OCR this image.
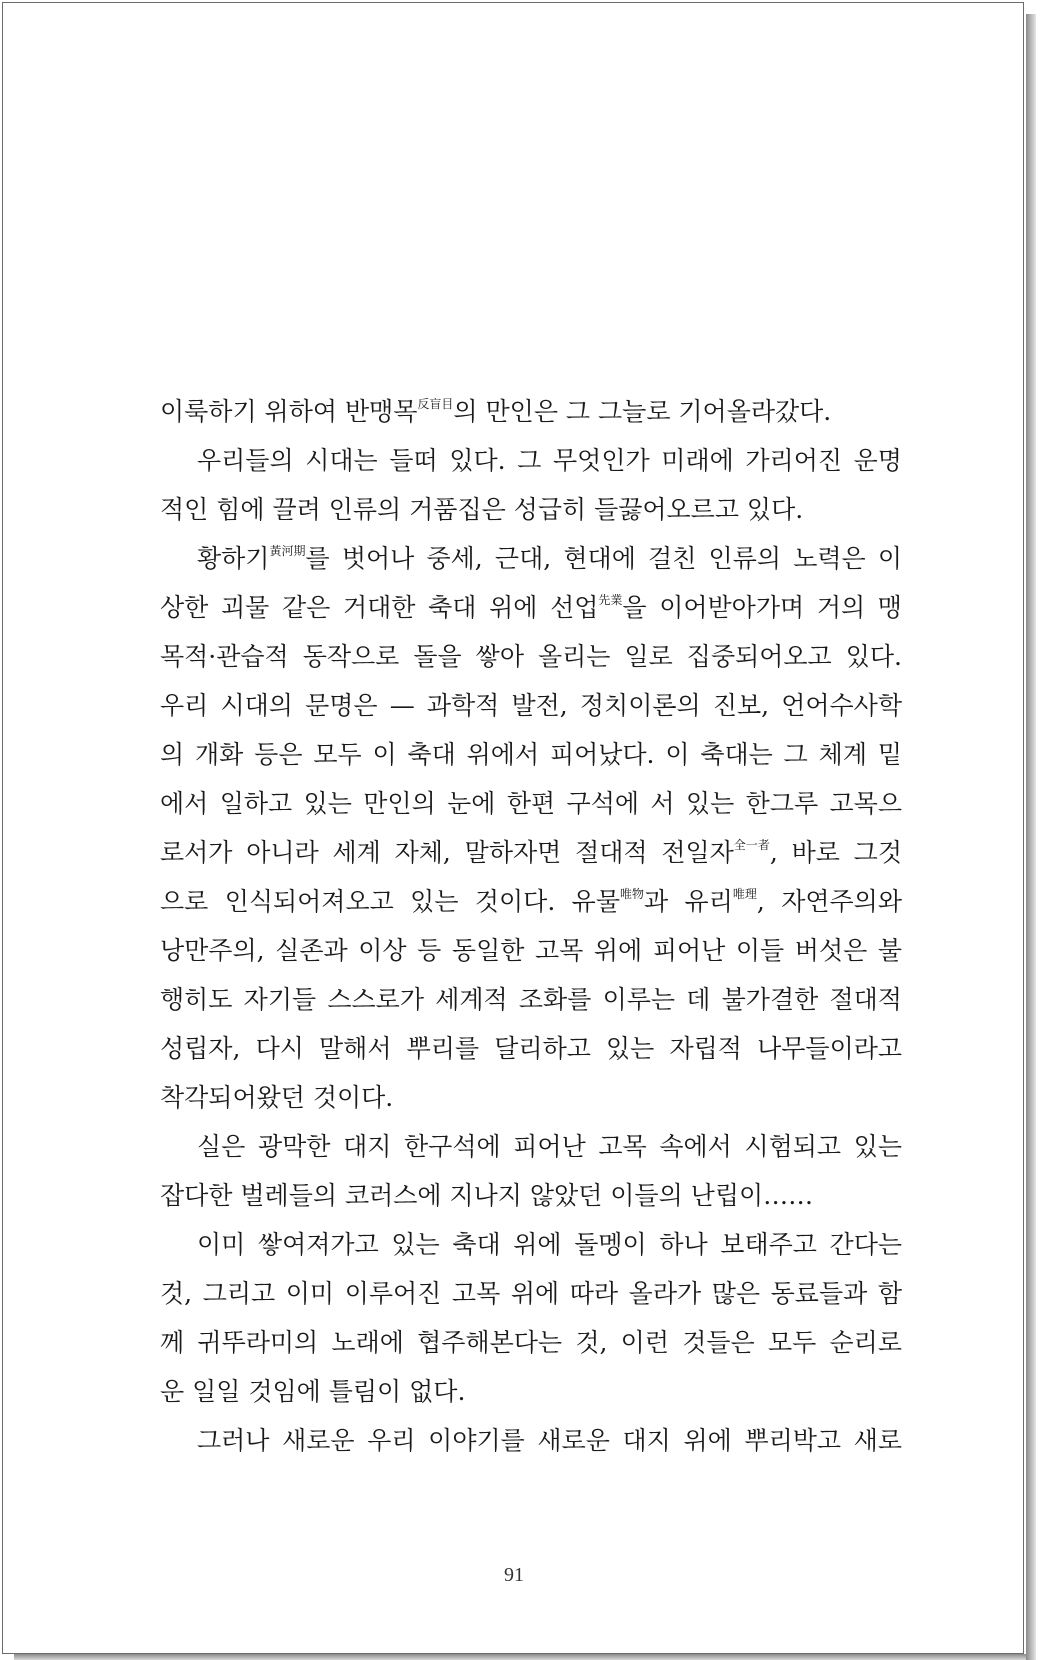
이룩하기 위하여 반맹목$^{反盲目}$의 만인은 그 그늘로 기어올라갔다.

우리들의 시대는 들떠 있다. 그 무엇인가 미래에 가리어진 운명

적인 힘에 끌려 인류의 거품집은 성급히 들끓어오르고 있다.

황하기$^{黃河期}$를 벗어나 중세, 근대, 현대에 걸친 인류의 노력은 이

상한 괴물 같은 거대한 축대 위에 선업$^{先業}$을 이어받아가며 거의 맹

목적·관습적 동작으로 돌을 쌓아 올리는 일로 집중되어오고 있다.

우리 시대의 문명은 — 과학적 발전, 정치이론의 진보, 언어수사학

의 개화 등은 모두 이 축대 위에서 피어났다. 이 축대는 그 체계 밑

에서 일하고 있는 만인의 눈에 한편 구석에 서 있는 한그루 고목으

로서가 아니라 세계 자체, 말하자면 절대적 전일자$^{全一者}$, 바로 그것

으로 인식되어져오고 있는 것이다. 유물$^{唯物}$과 유리$^{唯理}$, 자연주의와

낭만주의, 실존과 이상 등 동일한 고목 위에 피어난 이들 버섯은 불

행히도 자기들 스스로가 세계적 조화를 이루는 데 불가결한 절대적

성립자, 다시 말해서 뿌리를 달리하고 있는 자립적 나무들이라고

착각되어왔던 것이다.

실은 광막한 대지 한구석에 피어난 고목 속에서 시험되고 있는

잡다한 벌레들의 코러스에 지나지 않았던 이들의 난립이……

이미 쌓여져가고 있는 축대 위에 돌멩이 하나 보태주고 간다는

것, 그리고 이미 이루어진 고목 위에 따라 올라가 많은 동료들과 함

께 귀뚜라미의 노래에 협주해본다는 것, 이런 것들은 모두 순리로

운 일일 것임에 틀림이 없다.

그러나 새로운 우리 이야기를 새로운 대지 위에 뿌리박고 새로

91
